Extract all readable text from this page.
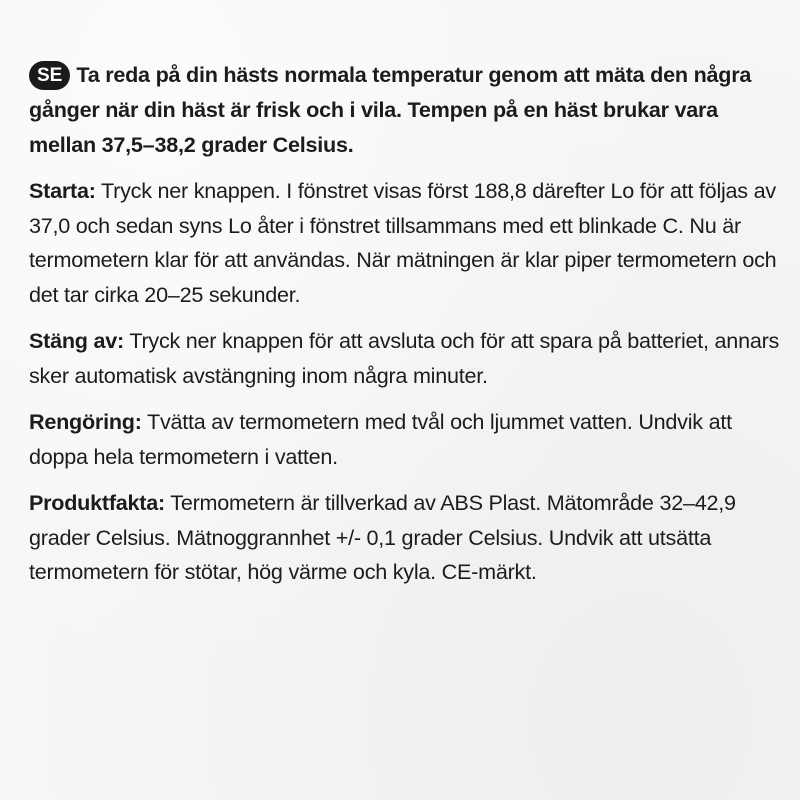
SE Ta reda på din hästs normala temperatur genom att mäta den några gånger när din häst är frisk och i vila. Tempen på en häst brukar vara mellan 37,5–38,2 grader Celsius.

Starta: Tryck ner knappen. I fönstret visas först 188,8 därefter Lo för att följas av 37,0 och sedan syns Lo åter i fönstret tillsammans med ett blinkade C. Nu är termometern klar för att användas. När mätningen är klar piper termometern och det tar cirka 20–25 sekunder.

Stäng av: Tryck ner knappen för att avsluta och för att spara på batteriet, annars sker automatisk avstängning inom några minuter.

Rengöring: Tvätta av termometern med tvål och ljummet vatten. Undvik att doppa hela termometern i vatten.

Produktfakta: Termometern är tillverkad av ABS Plast. Mätområde 32–42,9 grader Celsius. Mätnoggrannhet +/- 0,1 grader Celsius. Undvik att utsätta termometern för stötar, hög värme och kyla. CE-märkt.
